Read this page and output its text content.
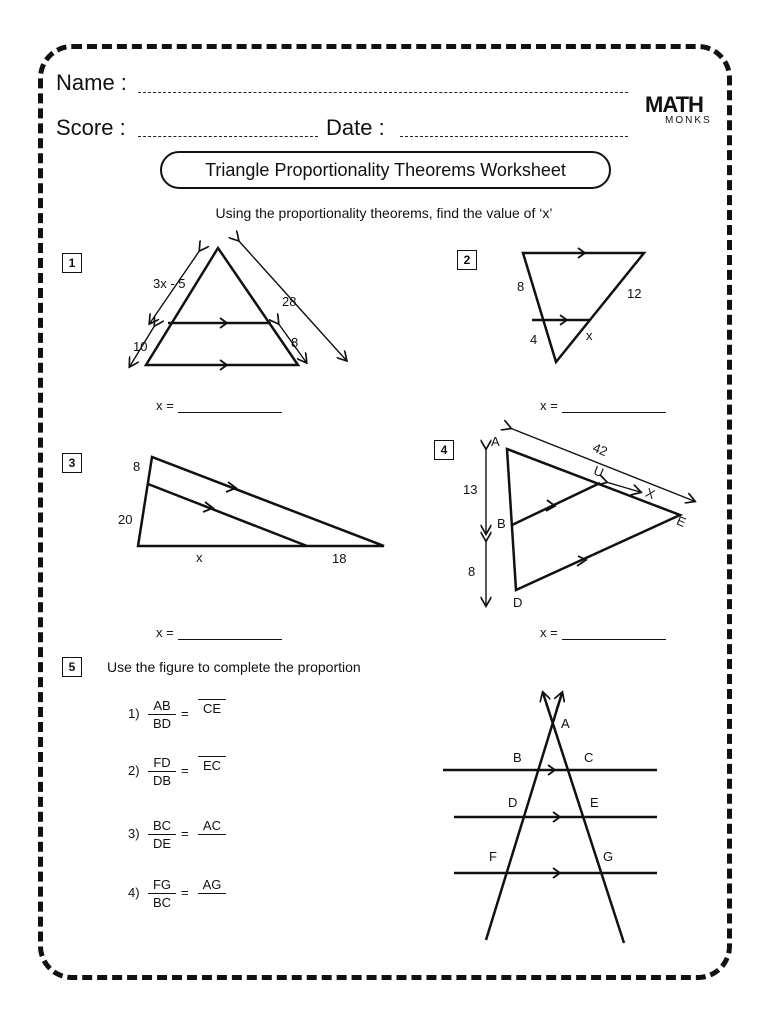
Name :
Score :	Date :
MATH
MONKS
Triangle Proportionality Theorems Worksheet
Using the proportionality theorems, find the value of ‘x’
1	2
3
4
5
3x - 5
28
10	8
x =
8	12
4	x
x =
8
20
x	18
x =
A	42
U
X
13
B	E
8
D
x =
Use the figure to complete the proportion
$1) \frac{AB}{BD}$ =	CE
$2) \frac{FD}{DB}$ =	EC
$3) \frac{BC}{DE}$ =
AC

$4) \frac{FG}{BC}$ =
AG

A
B	C
D	E
F	G
